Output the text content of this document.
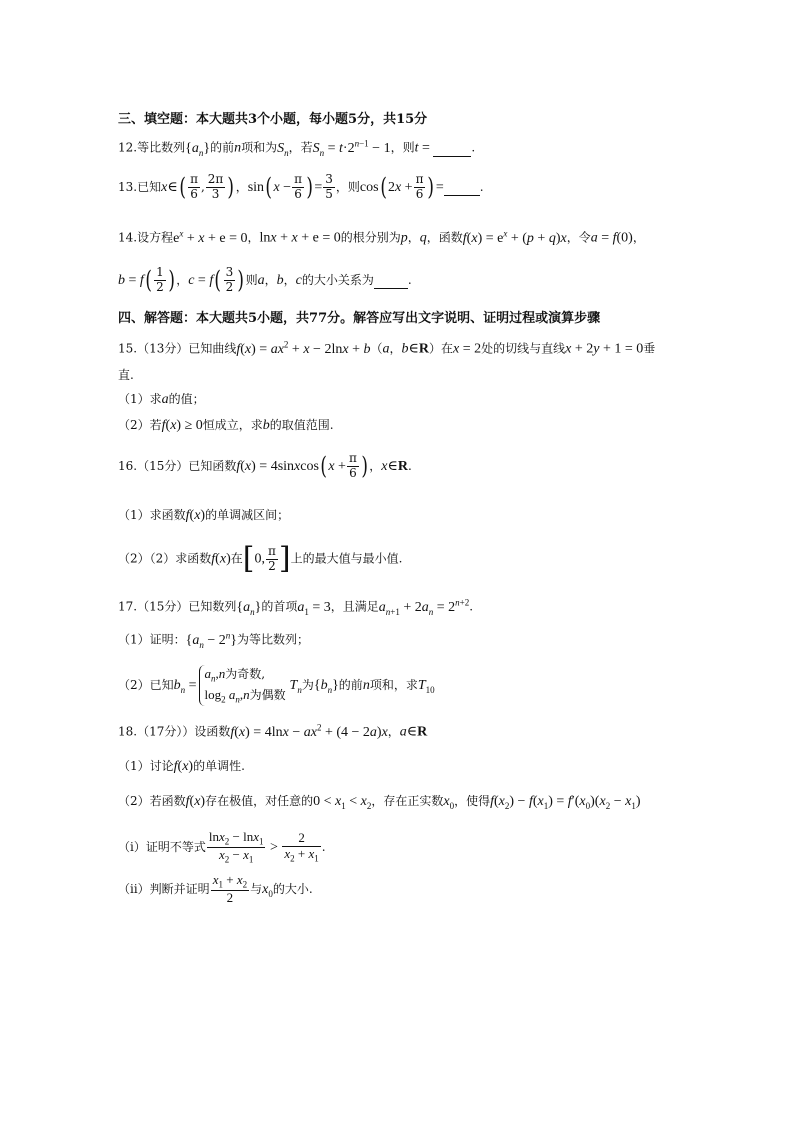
三、填空题：本大题共3个小题，每小题5分，共15分
12.等比数列$\{a_n\}$的前n项和为$S_n$，若$S_n = t\cdot 2^{n-1} - 1$，则t =	.
13.已知x∈( $\frac{\pi}{6}$ , $\frac{2\pi}{3}$ )，$\sin(x - \frac{\pi}{6}$ )= $\frac{3}{5}$ ，则$\cos(2x + \frac{\pi}{6}$ )=	.
14.设方程$e^x + x + e = 0$，lnx + x + e = 0的根分别为p，q，函数$f(x) = e^x + (p + q)x$，令a = f(0)，
$b = f( \frac{1}{2}$ )，$c = f( \frac{3}{2}$ )则a，b，c的大小关系为	.
四、解答题：本大题共5小题，共77分。解答应写出文字说明、证明过程或演算步骤
15.（13分）已知曲线$f(x) = ax^2 + x - 2\ln x + b(a$，b∈R）在x = 2处的切线与直线x + 2y + 1 = 0垂
直.
（1）求a的值；
（2）若f(x) ≥ 0恒成立，求b的取值范围.
16.（15分）已知函数f(x) = 4sinxcos(x + $\frac{\pi}{6}$ )，x∈R.
（1）求函数f(x)的单调减区间；
（2）（2）求函数f(x)在[0, $\frac{\pi}{2}$ ]上的最大值与最小值.
17.（15分）已知数列$\{a_n\}$的首项$a_1 = 3$，且满足$a_{n+1} + 2a_n = 2^{n+2}$.
（1）证明：$\{a_n - 2^n\}$为等比数列；
（2）已知$b_n =a_n,n$为奇数,
$\log_2 a_n,n$为偶数 $T_n$为$\{b_n\}$的前n项和，求$T_{10}$
18.（17分））设函数$f(x) = 4\ln x - ax^2 + (4 - 2a)x$，a∈R
（1）讨论f(x)的单调性.
（2）若函数f(x)存在极值，对任意的$0 < x_1 < x_2$，存在正实数$x_0$，使得$f(x_2) - f(x_1) = f'(x_0)(x_2 - x_1)$
（ⅰ）证明不等式 $\frac{\ln x_2 - \ln x_1}{x_2 - x_1} > \frac{2}{x_2 + x_1}$ .
（ⅱ）判断并证明 $\frac{x_1 + x_2}{2}$ 与$x_0$的大小.
